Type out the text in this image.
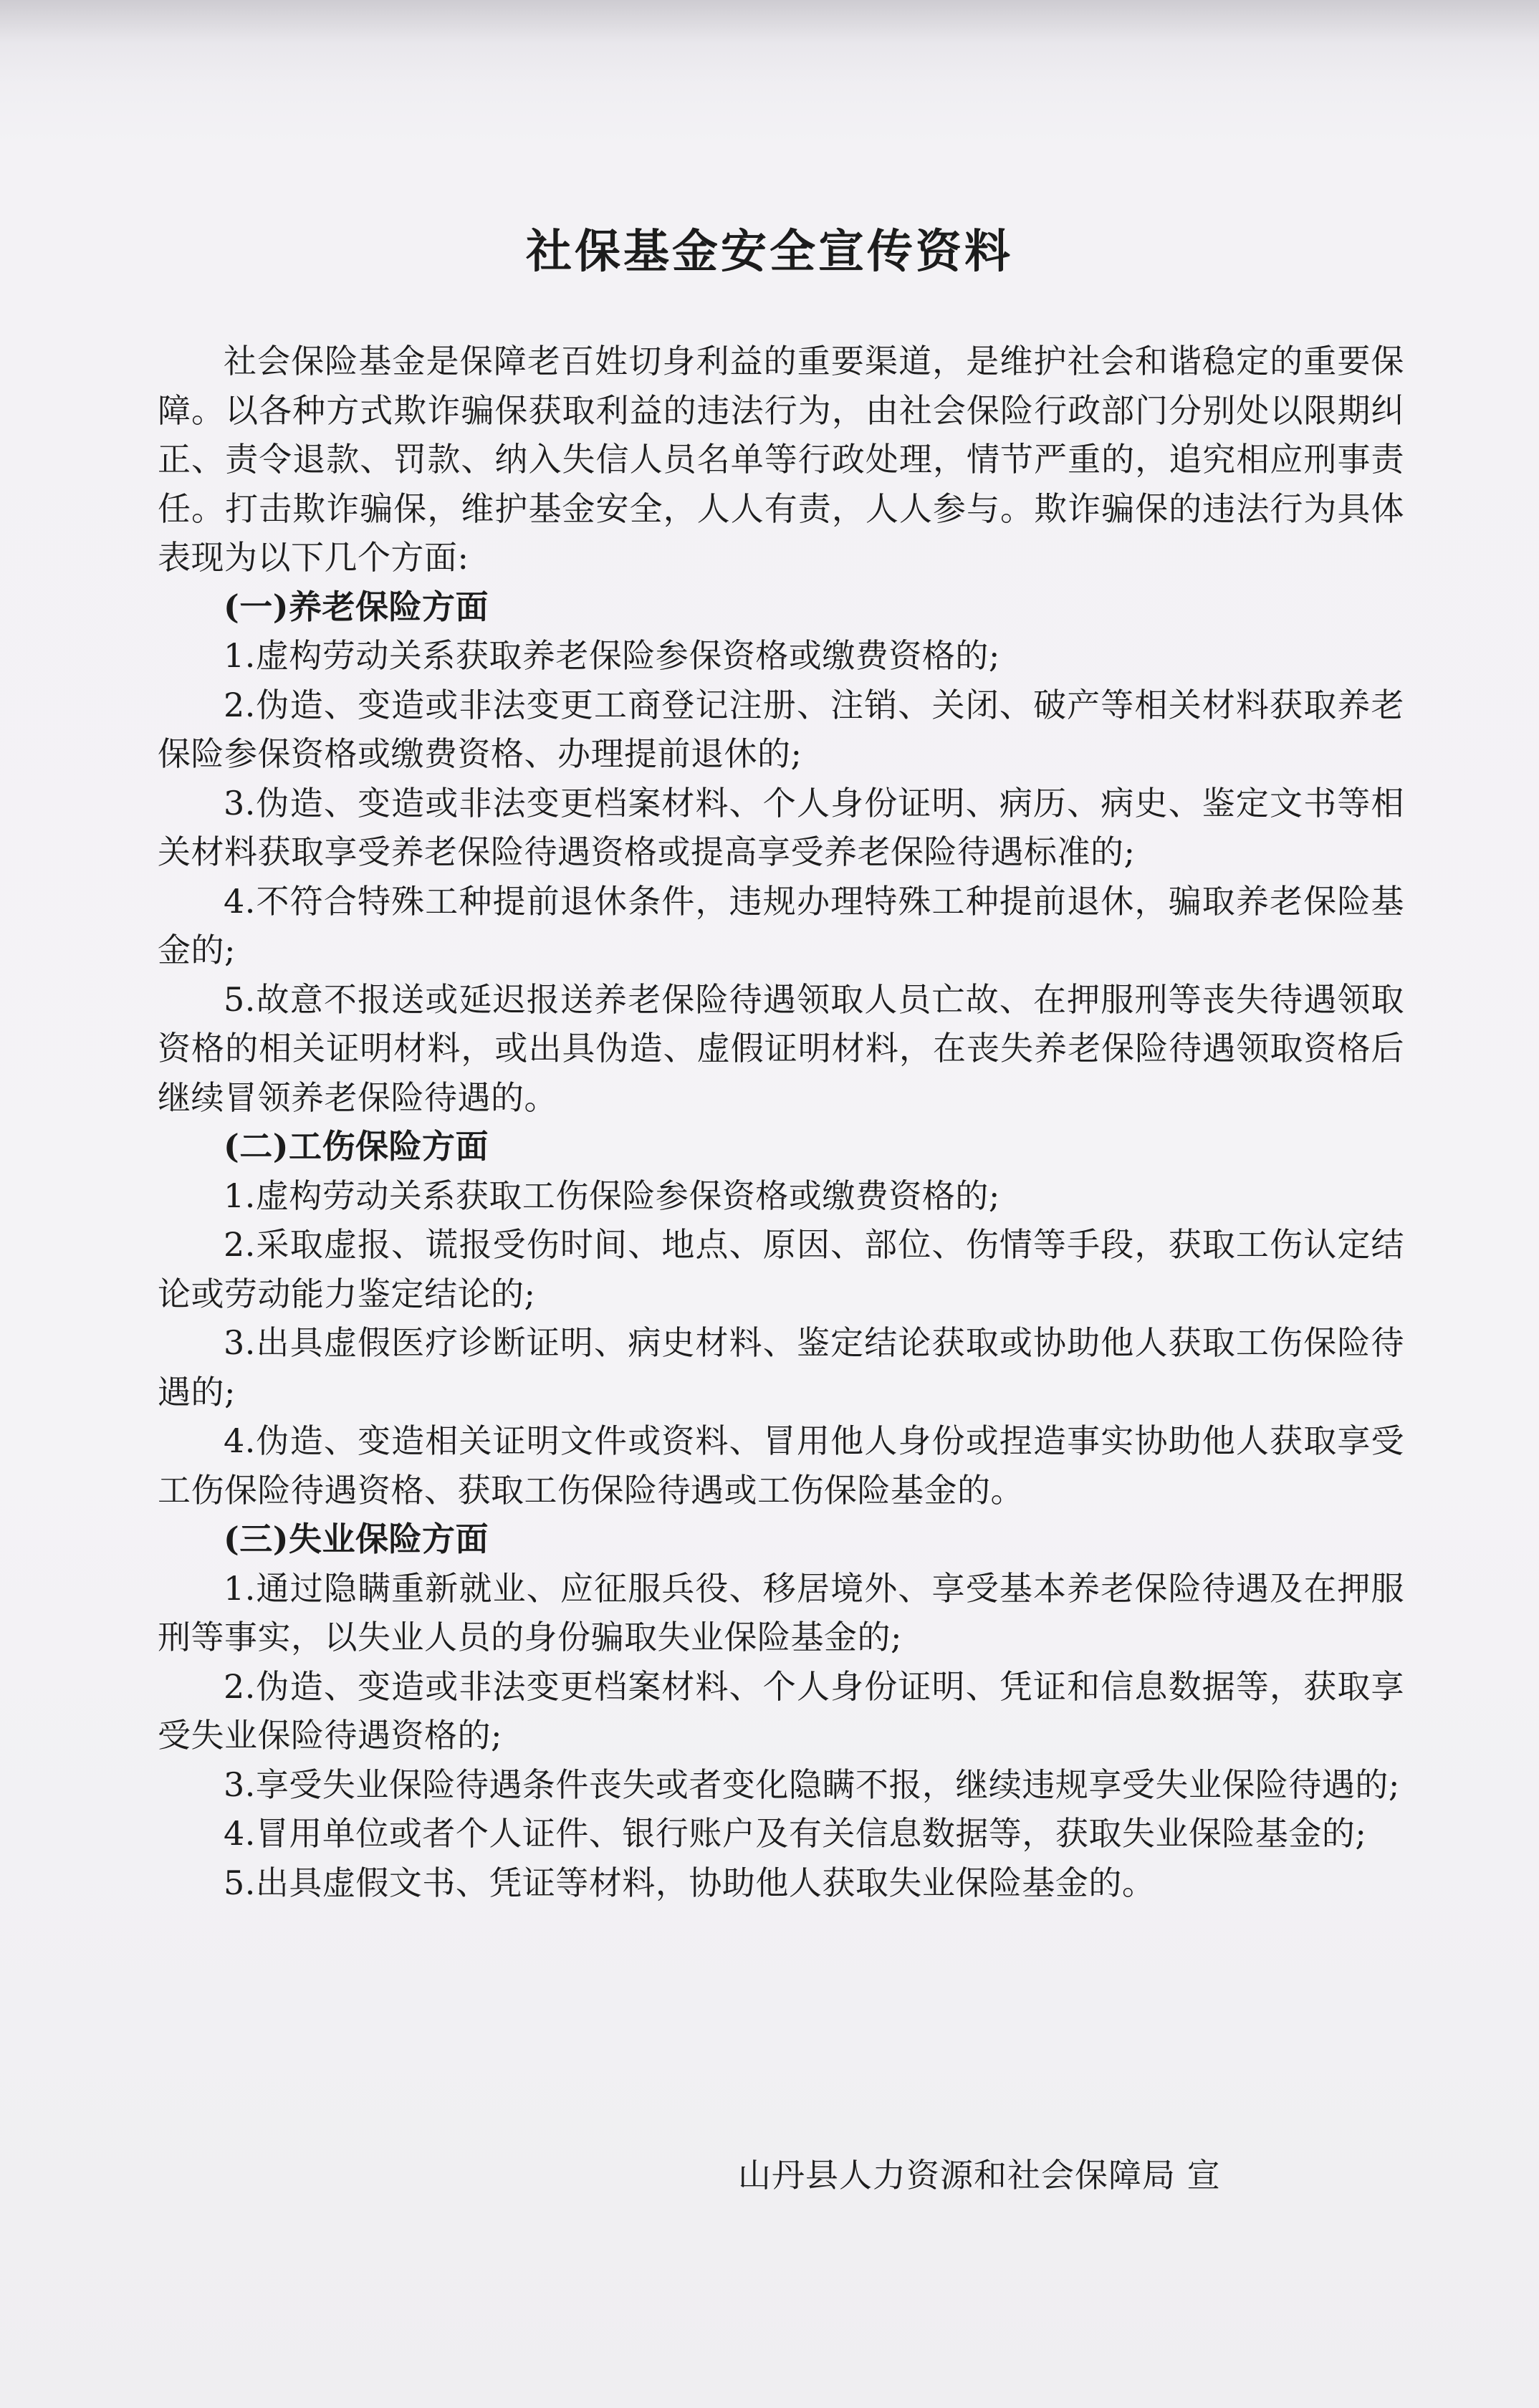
社保基金安全宣传资料

社会保险基金是保障老百姓切身利益的重要渠道，是维护社会和谐稳定的重要保障。以各种方式欺诈骗保获取利益的违法行为，由社会保险行政部门分别处以限期纠正、责令退款、罚款、纳入失信人员名单等行政处理，情节严重的，追究相应刑事责任。打击欺诈骗保，维护基金安全，人人有责，人人参与。欺诈骗保的违法行为具体表现为以下几个方面:

(一)养老保险方面

1.虚构劳动关系获取养老保险参保资格或缴费资格的;

2.伪造、变造或非法变更工商登记注册、注销、关闭、破产等相关材料获取养老保险参保资格或缴费资格、办理提前退休的;

3.伪造、变造或非法变更档案材料、个人身份证明、病历、病史、鉴定文书等相关材料获取享受养老保险待遇资格或提高享受养老保险待遇标准的;

4.不符合特殊工种提前退休条件，违规办理特殊工种提前退休，骗取养老保险基金的;

5.故意不报送或延迟报送养老保险待遇领取人员亡故、在押服刑等丧失待遇领取资格的相关证明材料，或出具伪造、虚假证明材料，在丧失养老保险待遇领取资格后继续冒领养老保险待遇的。

(二)工伤保险方面

1.虚构劳动关系获取工伤保险参保资格或缴费资格的;

2.采取虚报、谎报受伤时间、地点、原因、部位、伤情等手段，获取工伤认定结论或劳动能力鉴定结论的;

3.出具虚假医疗诊断证明、病史材料、鉴定结论获取或协助他人获取工伤保险待遇的;

4.伪造、变造相关证明文件或资料、冒用他人身份或捏造事实协助他人获取享受工伤保险待遇资格、获取工伤保险待遇或工伤保险基金的。

(三)失业保险方面

1.通过隐瞒重新就业、应征服兵役、移居境外、享受基本养老保险待遇及在押服刑等事实，以失业人员的身份骗取失业保险基金的;

2.伪造、变造或非法变更档案材料、个人身份证明、凭证和信息数据等，获取享受失业保险待遇资格的;

3.享受失业保险待遇条件丧失或者变化隐瞒不报，继续违规享受失业保险待遇的;

4.冒用单位或者个人证件、银行账户及有关信息数据等，获取失业保险基金的;

5.出具虚假文书、凭证等材料，协助他人获取失业保险基金的。

山丹县人力资源和社会保障局 宣
